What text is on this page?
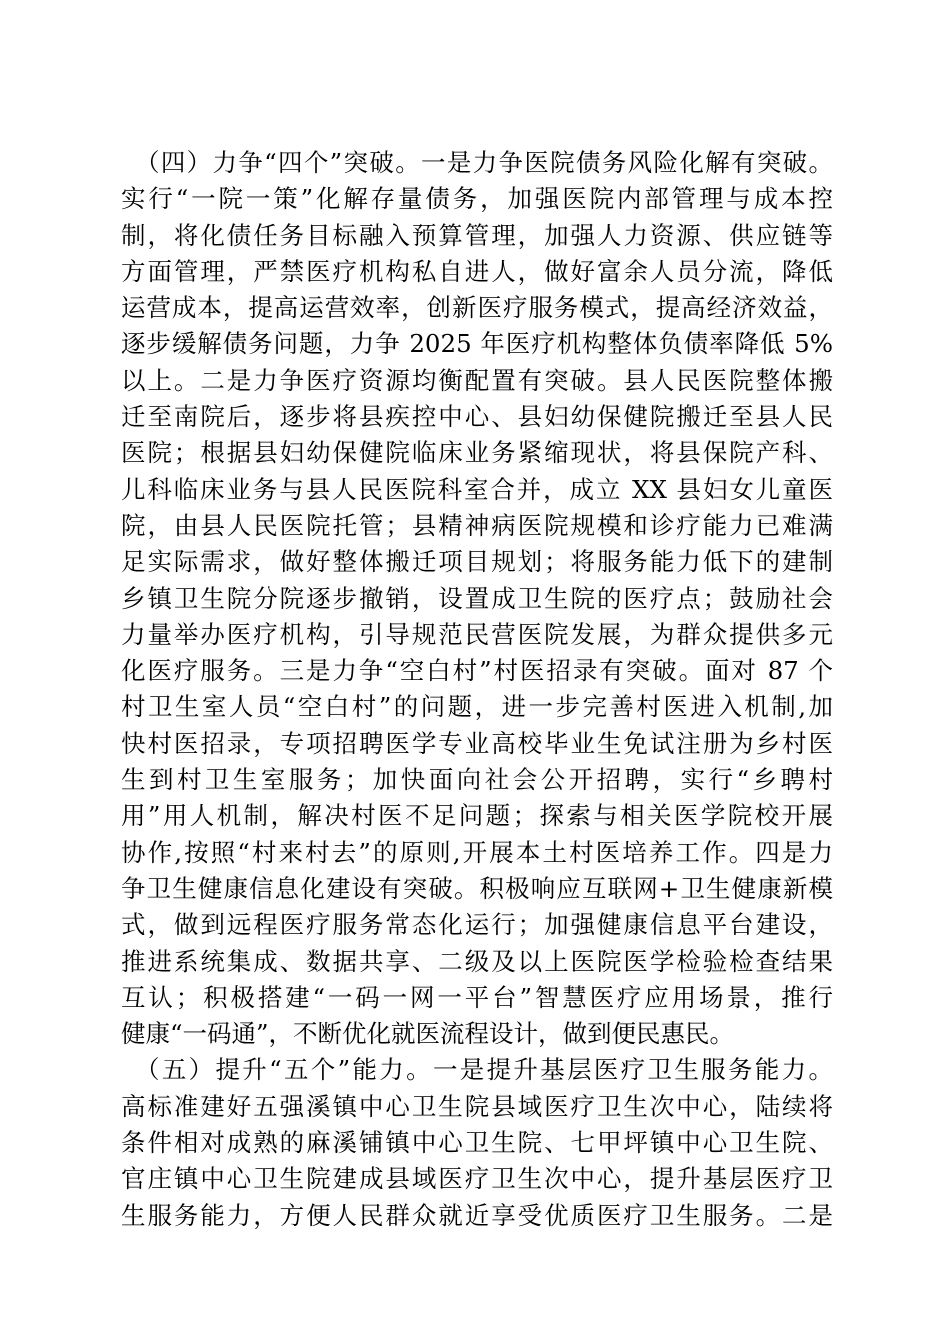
（四）力争“四个”突破。一是力争医院债务风险化解有突破。
实行“一院一策”化解存量债务，加强医院内部管理与成本控
制，将化债任务目标融入预算管理，加强人力资源、供应链等
方面管理，严禁医疗机构私自进人，做好富余人员分流，降低
运营成本，提高运营效率，创新医疗服务模式，提高经济效益，
逐步缓解债务问题，力争 2025 年医疗机构整体负债率降低 5%
以上。二是力争医疗资源均衡配置有突破。县人民医院整体搬
迁至南院后，逐步将县疾控中心、县妇幼保健院搬迁至县人民
医院；根据县妇幼保健院临床业务紧缩现状，将县保院产科、
儿科临床业务与县人民医院科室合并，成立 XX 县妇女儿童医
院，由县人民医院托管；县精神病医院规模和诊疗能力已难满
足实际需求，做好整体搬迁项目规划；将服务能力低下的建制
乡镇卫生院分院逐步撤销，设置成卫生院的医疗点；鼓励社会
力量举办医疗机构，引导规范民营医院发展，为群众提供多元
化医疗服务。三是力争“空白村”村医招录有突破。面对 87 个
村卫生室人员“空白村”的问题，进一步完善村医进入机制,加
快村医招录，专项招聘医学专业高校毕业生免试注册为乡村医
生到村卫生室服务；加快面向社会公开招聘，实行“乡聘村
用”用人机制，解决村医不足问题；探索与相关医学院校开展
协作,按照“村来村去”的原则,开展本土村医培养工作。四是力
争卫生健康信息化建设有突破。积极响应互联网+卫生健康新模
式，做到远程医疗服务常态化运行；加强健康信息平台建设，
推进系统集成、数据共享、二级及以上医院医学检验检查结果
互认；积极搭建“一码一网一平台”智慧医疗应用场景，推行
健康“一码通”，不断优化就医流程设计，做到便民惠民。
（五）提升“五个”能力。一是提升基层医疗卫生服务能力。
高标准建好五强溪镇中心卫生院县域医疗卫生次中心，陆续将
条件相对成熟的麻溪铺镇中心卫生院、七甲坪镇中心卫生院、
官庄镇中心卫生院建成县域医疗卫生次中心，提升基层医疗卫
生服务能力，方便人民群众就近享受优质医疗卫生服务。二是
